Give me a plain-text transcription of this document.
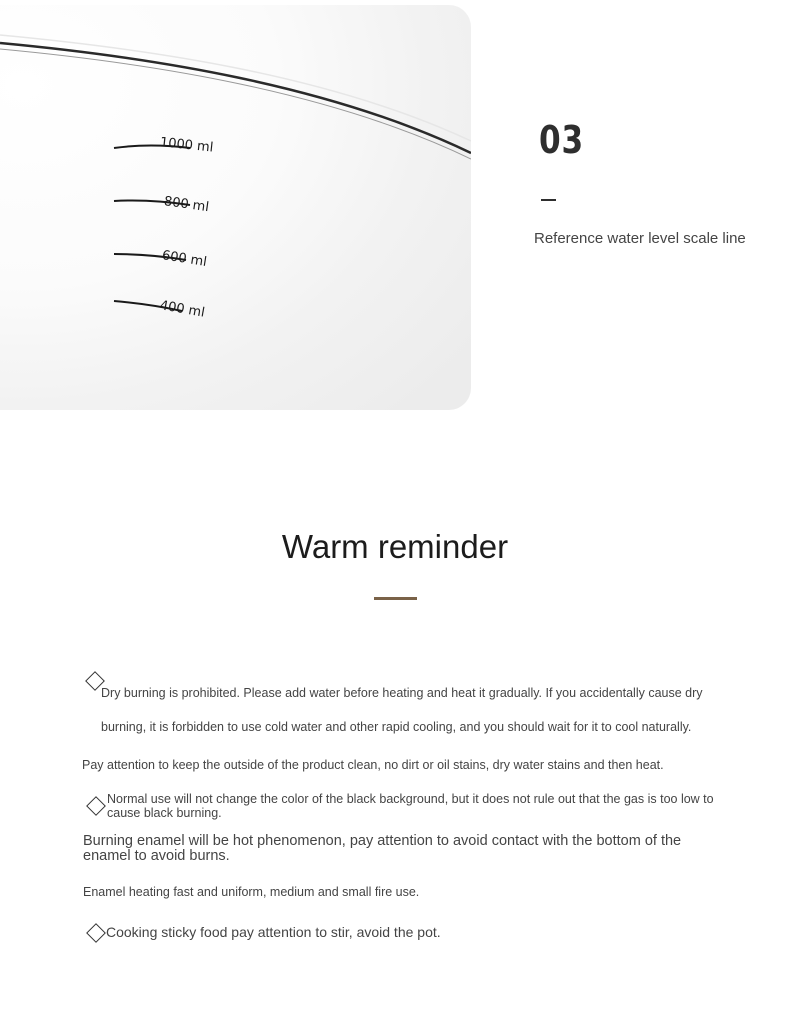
1000 ml
800 ml
600 ml
400 ml
03
Reference water level scale line
Warm reminder
Dry burning is prohibited. Please add water before heating and heat it gradually. If you accidentally cause dry burning, it is forbidden to use cold water and other rapid cooling, and you should wait for it to cool naturally.
Pay attention to keep the outside of the product clean, no dirt or oil stains, dry water stains and then heat.
Normal use will not change the color of the black background, but it does not rule out that the gas is too low to cause black burning.
Burning enamel will be hot phenomenon, pay attention to avoid contact with the bottom of the enamel to avoid burns.
Enamel heating fast and uniform, medium and small fire use.
Cooking sticky food pay attention to stir, avoid the pot.
